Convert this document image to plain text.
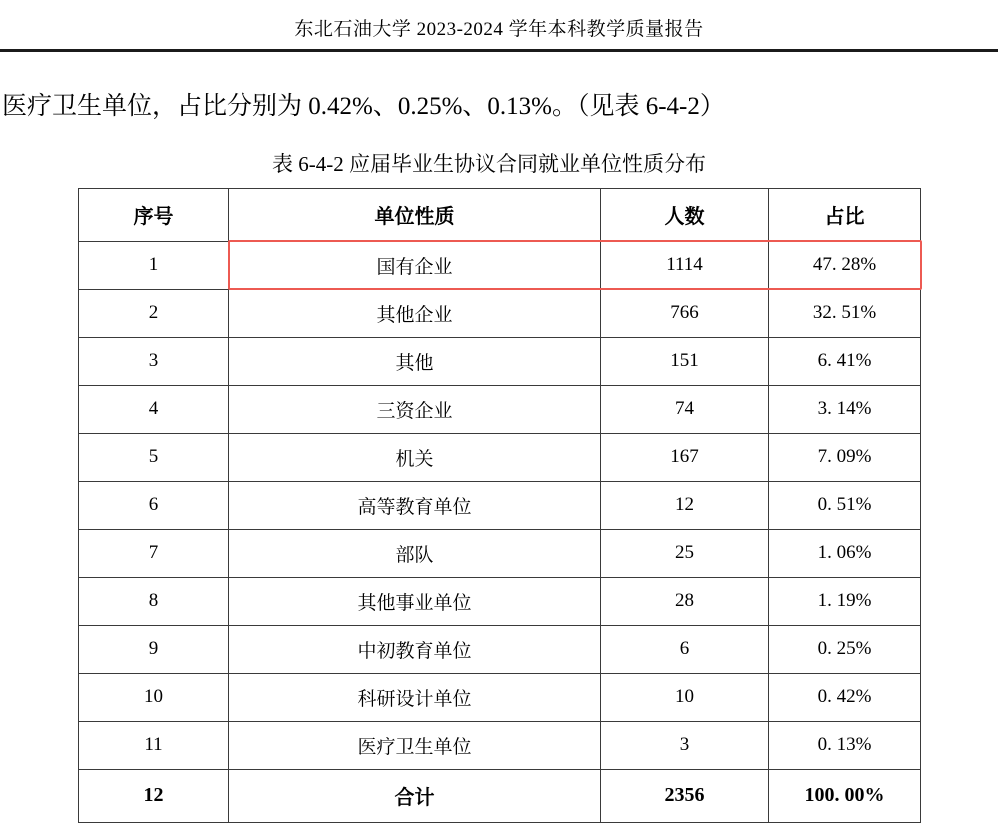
东北石油大学 2023-2024 学年本科教学质量报告
医疗卫生单位，占比分别为 0.42%、0.25%、0.13%。（见表 6-4-2）
表 6-4-2 应届毕业生协议合同就业单位性质分布
序号	单位性质	人数	占比
1	国有企业	1114	47. 28%
2	其他企业	766	32. 51%
3	其他	151	6. 41%
4	三资企业	74	3. 14%
5	机关	167	7. 09%
6	高等教育单位	12	0. 51%
7	部队	25	1. 06%
8	其他事业单位	28	1. 19%
9	中初教育单位	6	0. 25%
10	科研设计单位	10	0. 42%
11	医疗卫生单位	3	0. 13%
12	合计	2356	100. 00%
